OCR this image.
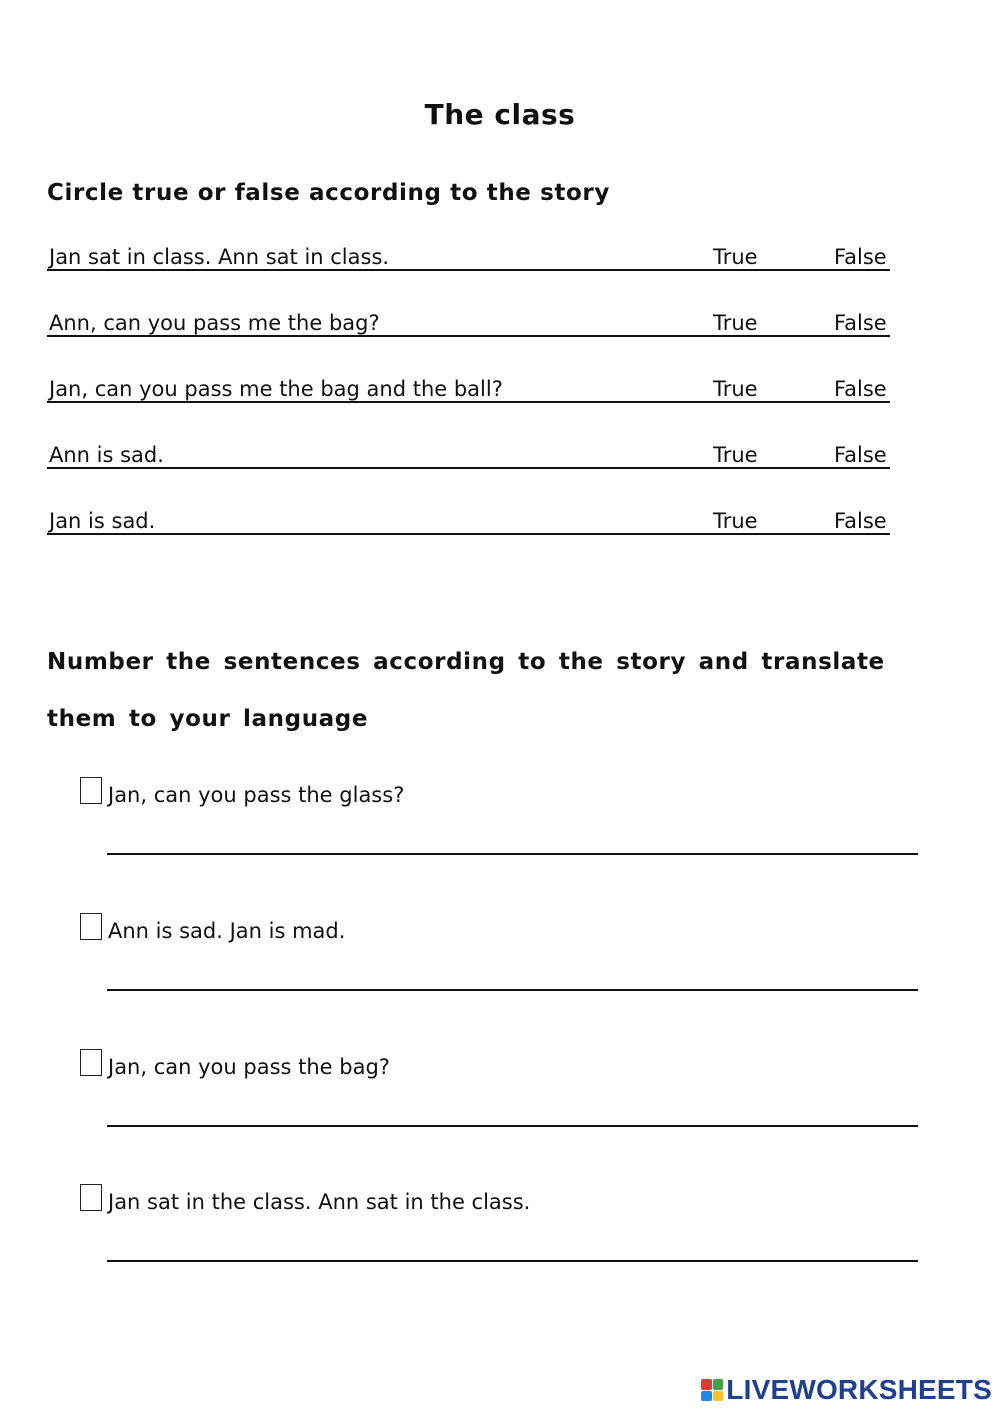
The class
Circle true or false according to the story
Jan sat in class. Ann sat in class.	True	False
Ann, can you pass me the bag?	True	False
Jan, can you pass me the bag and the ball?	True	False
Ann is sad.	True	False
Jan is sad.	True	False
Number the sentences according to the story and translate them to your language
Jan, can you pass the glass?
Ann is sad. Jan is mad.
Jan, can you pass the bag?
Jan sat in the class. Ann sat in the class.
LIVEWORKSHEETS
